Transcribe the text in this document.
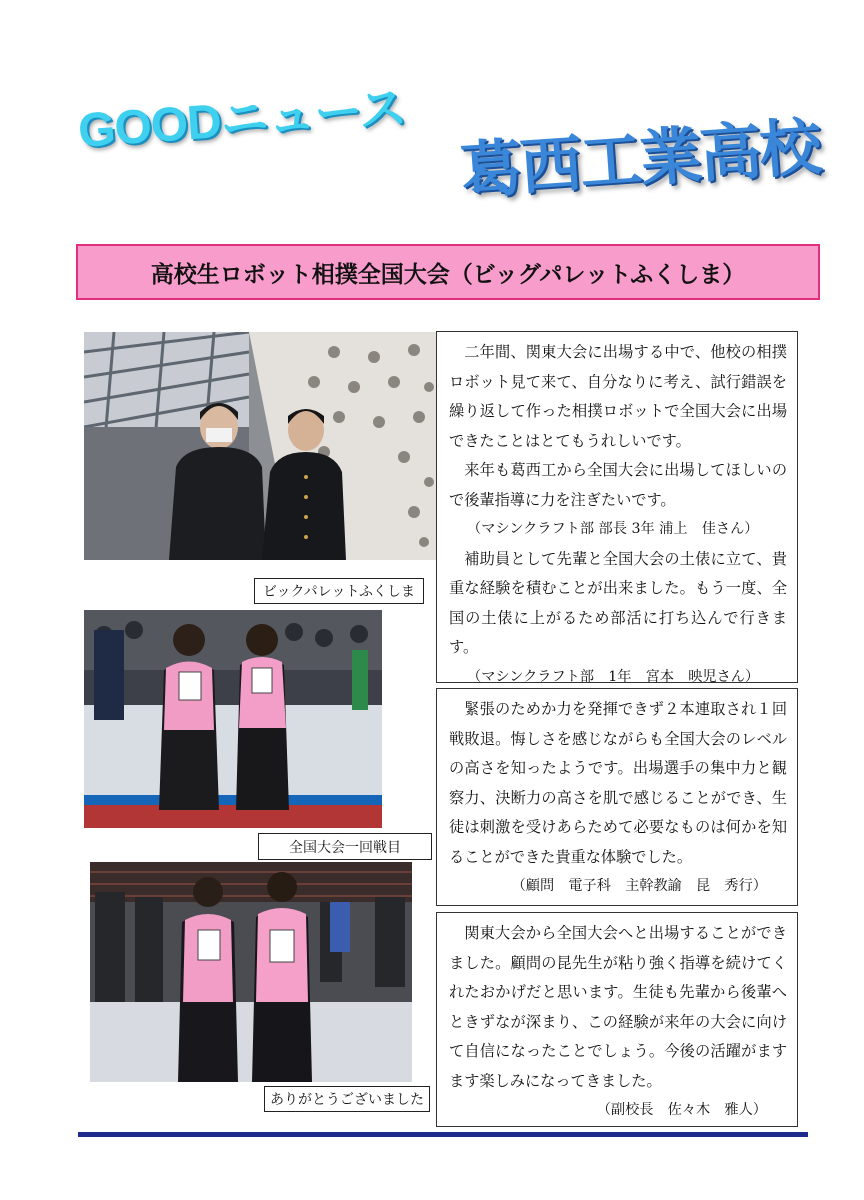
GOODニュース 葛西工業高校
高校生ロボット相撲全国大会（ビッグパレットふくしま）
ビックパレットふくしま
全国大会一回戦目
ありがとうございました

二年間、関東大会に出場する中で、他校の相撲ロボット見て来て、自分なりに考え、試行錯誤を繰り返して作った相撲ロボットで全国大会に出場できたことはとてもうれしいです。

来年も葛西工から全国大会に出場してほしいので後輩指導に力を注ぎたいです。

（マシンクラフト部 部長 3年 浦上　佳さん）

補助員として先輩と全国大会の土俵に立て、貴重な経験を積むことが出来ました。もう一度、全国の土俵に上がるため部活に打ち込んで行きます。

（マシンクラフト部　1年　宮本　映児さん）

緊張のためか力を発揮できず２本連取され１回戦敗退。悔しさを感じながらも全国大会のレベルの高さを知ったようです。出場選手の集中力と観察力、決断力の高さを肌で感じることができ、生徒は刺激を受けあらためて必要なものは何かを知ることができた貴重な体験でした。

（顧問　電子科　主幹教諭　昆　秀行）

関東大会から全国大会へと出場することができました。顧問の昆先生が粘り強く指導を続けてくれたおかげだと思います。生徒も先輩から後輩へときずなが深まり、この経験が来年の大会に向けて自信になったことでしょう。今後の活躍がますます楽しみになってきました。

（副校長　佐々木　雅人）
